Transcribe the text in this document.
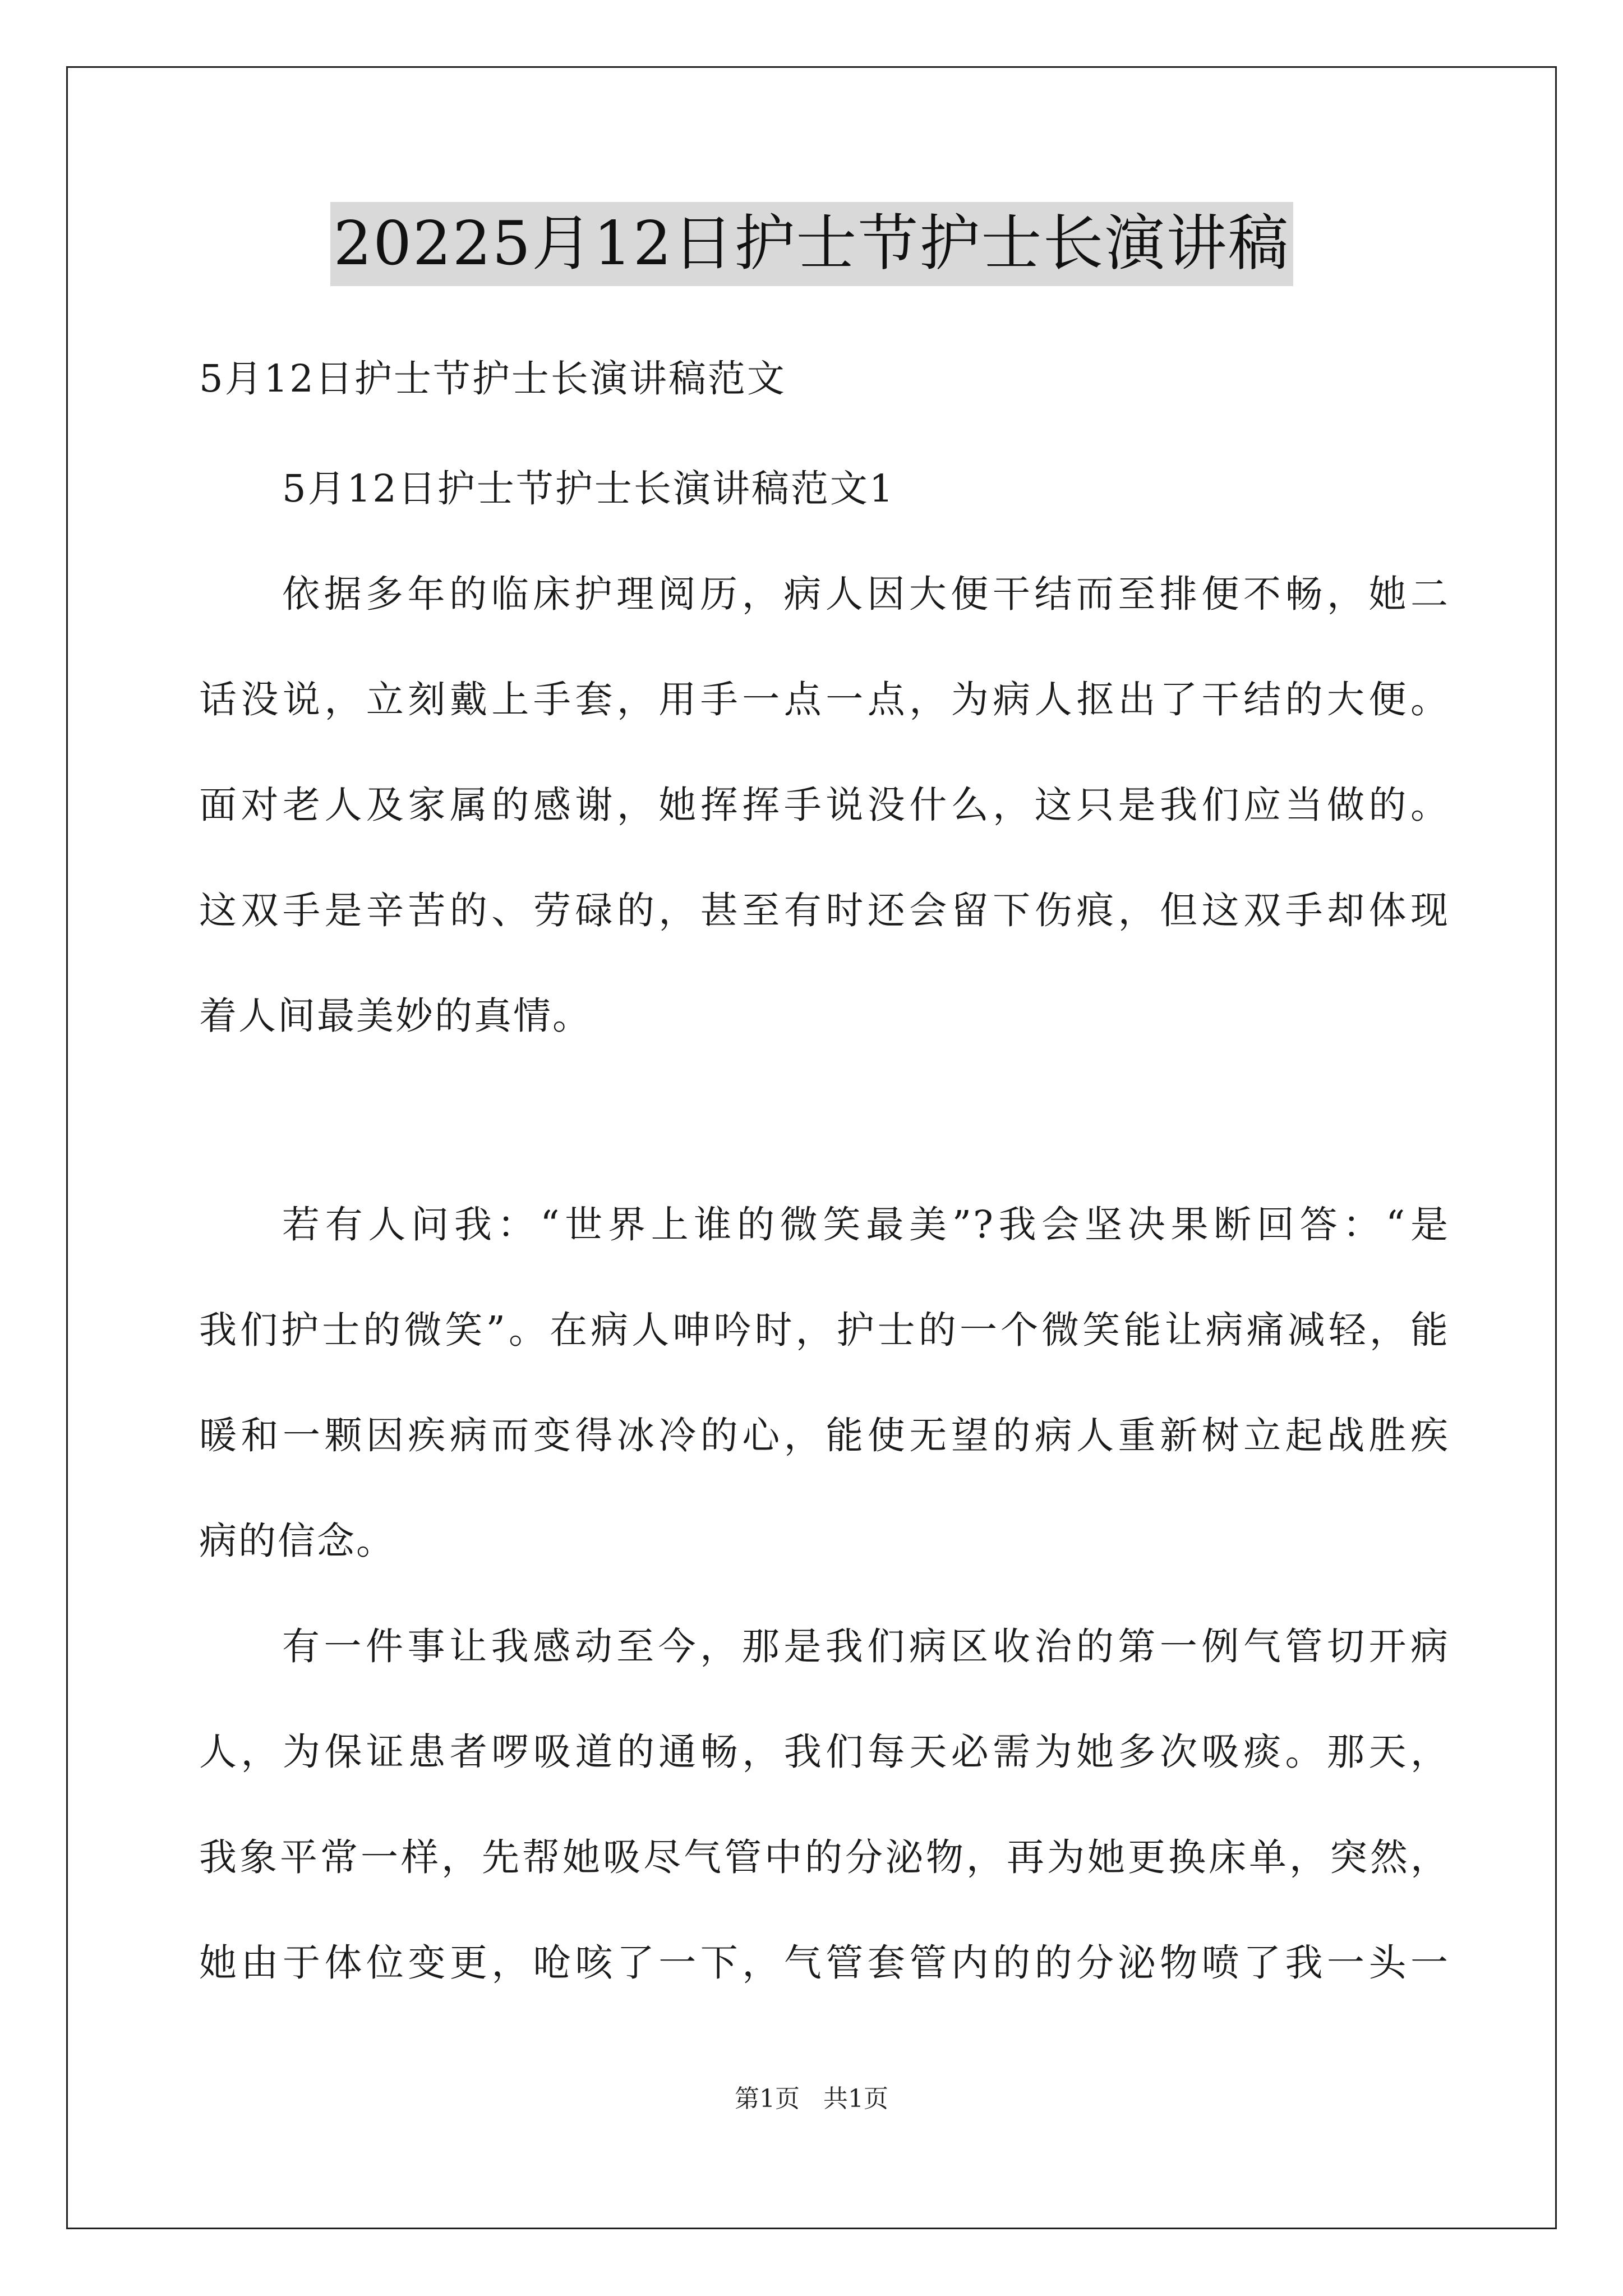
20225月12日护士节护士长演讲稿
5月12日护士节护士长演讲稿范文
5月12日护士节护士长演讲稿范文1
依据多年的临床护理阅历，病人因大便干结而至排便不畅，她二
话没说，立刻戴上手套，用手一点一点，为病人抠出了干结的大便。
面对老人及家属的感谢，她挥挥手说没什么，这只是我们应当做的。
这双手是辛苦的、劳碌的，甚至有时还会留下伤痕，但这双手却体现
着人间最美妙的真情。
若有人问我：“世界上谁的微笑最美”?我会坚决果断回答：“是
我们护士的微笑”。在病人呻吟时，护士的一个微笑能让病痛减轻，能
暖和一颗因疾病而变得冰冷的心，能使无望的病人重新树立起战胜疾
病的信念。
有一件事让我感动至今，那是我们病区收治的第一例气管切开病
人，为保证患者啰吸道的通畅，我们每天必需为她多次吸痰。那天，
我象平常一样，先帮她吸尽气管中的分泌物，再为她更换床单，突然，
她由于体位变更，呛咳了一下，气管套管内的的分泌物喷了我一头一
第1页 共1页
